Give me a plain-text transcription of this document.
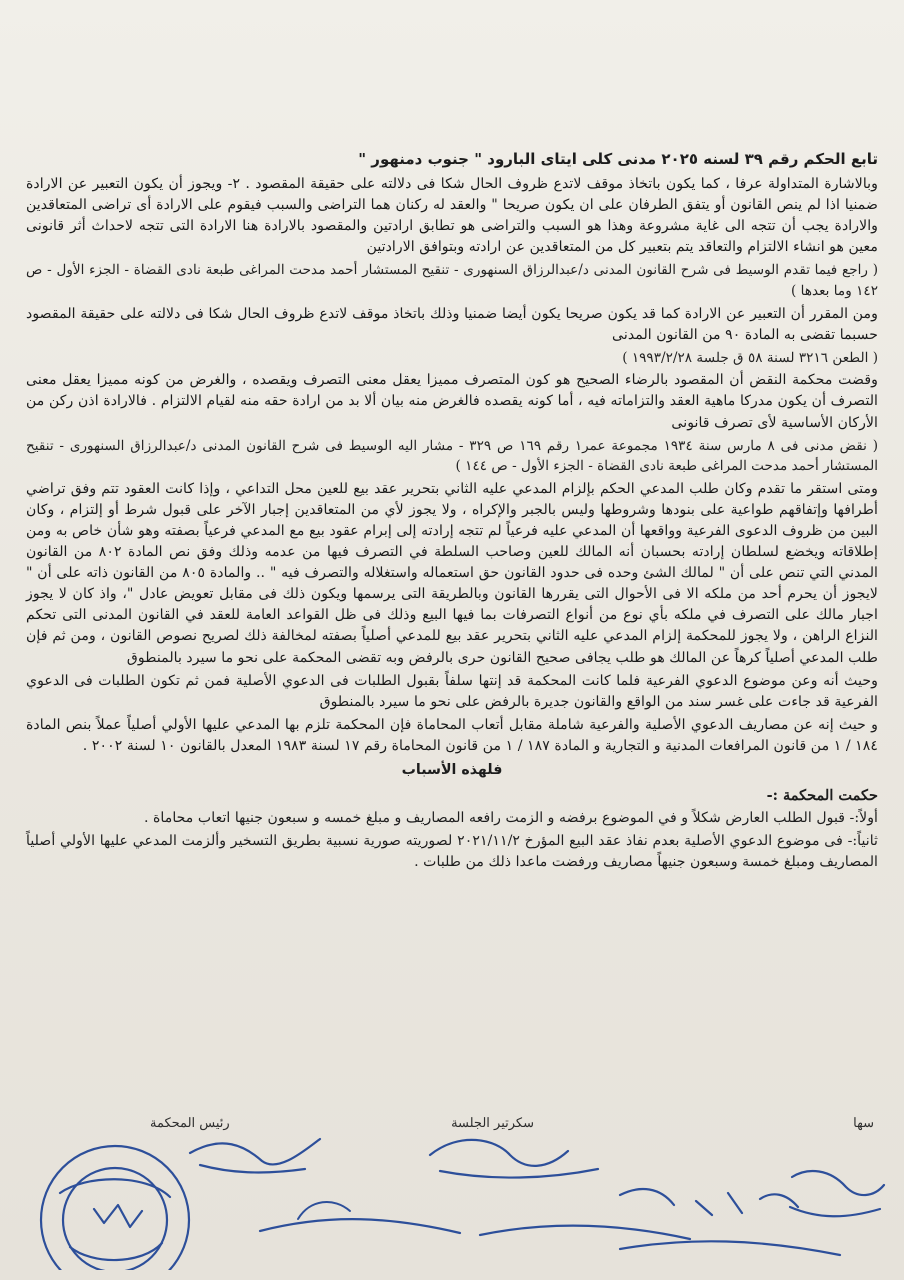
تابع الحكم رقم ٣٩ لسنه ٢٠٢٥ مدنى كلى ايتاى البارود " جنوب دمنهور "

وبالاشارة المتداولة عرفا ، كما يكون باتخاذ موقف لاتدع ظروف الحال شكا فى دلالته على حقيقة المقصود . ٢- ويجوز أن يكون التعبير عن الارادة ضمنيا اذا لم ينص القانون أو يتفق الطرفان على ان يكون صريحا " والعقد له ركنان هما التراضى والسبب فيقوم على الارادة أى تراضى المتعاقدين والارادة يجب أن تتجه الى غاية مشروعة وهذا هو السبب والتراضى هو تطابق ارادتين والمقصود بالارادة هنا الارادة التى تتجه لاحداث أثر قانونى معين هو انشاء الالتزام والتعاقد يتم بتعبير كل من المتعاقدين عن ارادته وبتوافق الارادتين

( راجع فيما تقدم الوسيط فى شرح القانون المدنى د/عبدالرزاق السنهورى - تنقيح المستشار أحمد مدحت المراغى طبعة نادى القضاة - الجزء الأول - ص ١٤٢ وما بعدها )

ومن المقرر أن التعبير عن الارادة كما قد يكون صريحا يكون أيضا ضمنيا وذلك باتخاذ موقف لاتدع ظروف الحال شكا فى دلالته على حقيقة المقصود حسبما تقضى به المادة ٩٠ من القانون المدنى

( الطعن ٣٢١٦ لسنة ٥٨ ق جلسة ١٩٩٣/٢/٢٨ )

وقضت محكمة النقض أن المقصود بالرضاء الصحيح هو كون المتصرف مميزا يعقل معنى التصرف ويقصده ، والغرض من كونه مميزا يعقل معنى التصرف أن يكون مدركا ماهية العقد والتزاماته فيه ، أما كونه يقصده فالغرض منه بيان ألا بد من ارادة حقه منه لقيام الالتزام . فالارادة اذن ركن من الأركان الأساسية لأى تصرف قانونى

( نقض مدنى فى ٨ مارس سنة ١٩٣٤ مجموعة عمر١ رقم ١٦٩ ص ٣٢٩ - مشار اليه الوسيط فى شرح القانون المدنى د/عبدالرزاق السنهورى - تنقيح المستشار أحمد مدحت المراغى طبعة نادى القضاة - الجزء الأول - ص ١٤٤ )

ومتى استقر ما تقدم وكان طلب المدعي الحكم بإلزام المدعي عليه الثاني بتحرير عقد بيع للعين محل التداعي ، وإذا كانت العقود تتم وفق تراضي أطرافها وإتفاقهم طواعية على بنودها وشروطها وليس بالجبر والإكراه ، ولا يجوز لأي من المتعاقدين إجبار الآخر على قبول شرط أو إلتزام ، وكان البين من ظروف الدعوى الفرعية وواقعها أن المدعي عليه فرعياً لم تتجه إرادته إلى إبرام عقود بيع مع المدعي فرعياً بصفته وهو شأن خاص به ومن إطلاقاته ويخضع لسلطان إرادته بحسبان أنه المالك للعين وصاحب السلطة في التصرف فيها من عدمه وذلك وفق نص المادة ٨٠٢ من القانون المدني التي تنص على أن " لمالك الشئ وحده فى حدود القانون حق استعماله واستغلاله والتصرف فيه " .. والمادة ٨٠٥ من القانون ذاته على أن " لايجوز أن يحرم أحد من ملكه الا فى الأحوال التى يقررها القانون وبالطريقة التى يرسمها ويكون ذلك فى مقابل تعويض عادل "، واذ كان لا يجوز اجبار مالك على التصرف في ملكه بأي نوع من أنواع التصرفات بما فيها البيع وذلك فى ظل القواعد العامة للعقد في القانون المدنى التى تحكم النزاع الراهن ، ولا يجوز للمحكمة إلزام المدعي عليه الثاني بتحرير عقد بيع للمدعي أصلياً بصفته لمخالفة ذلك لصريح نصوص القانون ، ومن ثم فإن طلب المدعي أصلياً كرهاً عن المالك هو طلب يجافى صحيح القانون حرى بالرفض وبه تقضى المحكمة على نحو ما سيرد بالمنطوق

وحيث أنه وعن موضوع الدعوي الفرعية فلما كانت المحكمة قد إنتها سلفاً بقبول الطلبات فى الدعوي الأصلية فمن ثم تكون الطلبات فى الدعوي الفرعية قد جاءت على غسر سند من الواقع والقانون جديرة بالرفض على نحو ما سيرد بالمنطوق

و حيث إنه عن مصاريف الدعوي الأصلية والفرعية شاملة مقابل أتعاب المحاماة فإن المحكمة تلزم بها المدعي عليها الأولي أصلياً عملاً بنص المادة ١٨٤ / ١ من قانون المرافعات المدنية و التجارية و المادة ١٨٧ / ١ من قانون المحاماة رقم ١٧ لسنة ١٩٨٣ المعدل بالقانون ١٠ لسنة ٢٠٠٢ .

فلهذه الأسباب
حكمت المحكمة :-

أولاً:- قبول الطلب العارض شكلاً و في الموضوع برفضه و الزمت رافعه المصاريف و مبلغ خمسه و سبعون جنيها اتعاب محاماة .

ثانياً:- فى موضوع الدعوي الأصلية بعدم نفاذ عقد البيع المؤرخ ٢٠٢١/١١/٢ لصوريته صورية نسبية بطريق التسخير وألزمت المدعي عليها الأولي أصلياً المصاريف ومبلغ خمسة وسبعون جنيهاً مصاريف ورفضت ماعدا ذلك من طلبات .

سها
سكرتير الجلسة
رئيس المحكمة
